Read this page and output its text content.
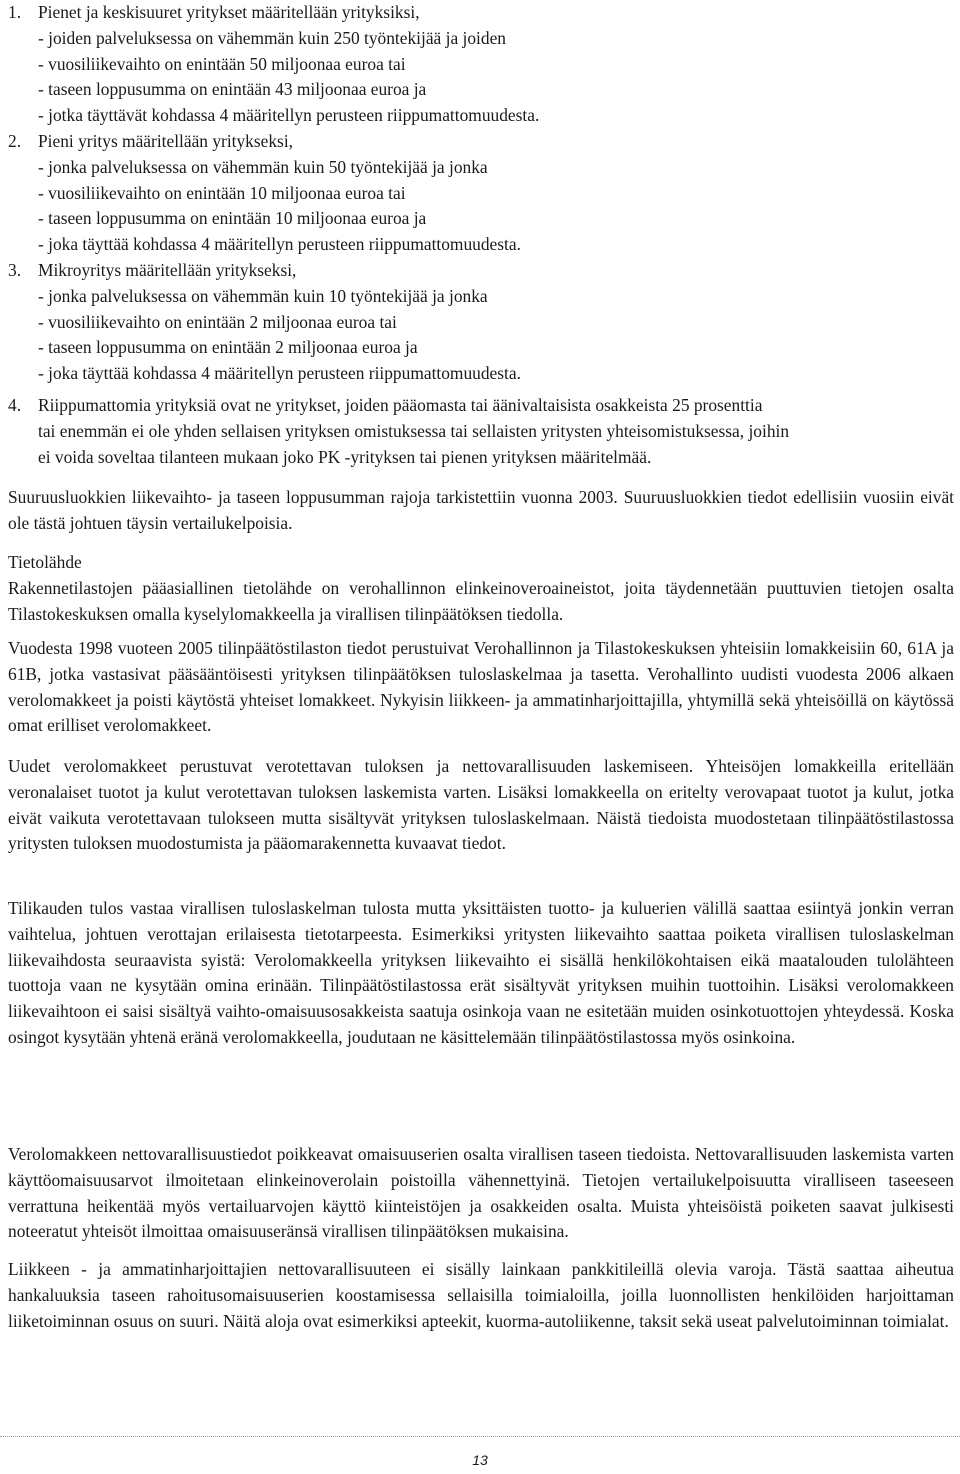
1. Pienet ja keskisuuret yritykset määritellään yrityksiksi,
- joiden palveluksessa on vähemmän kuin 250 työntekijää ja joiden
- vuosiliikevaihto on enintään 50 miljoonaa euroa tai
- taseen loppusumma on enintään 43 miljoonaa euroa ja
- jotka täyttävät kohdassa 4 määritellyn perusteen riippumattomuudesta.
2. Pieni yritys määritellään yritykseksi,
- jonka palveluksessa on vähemmän kuin 50 työntekijää ja jonka
- vuosiliikevaihto on enintään 10 miljoonaa euroa tai
- taseen loppusumma on enintään 10 miljoonaa euroa ja
- joka täyttää kohdassa 4 määritellyn perusteen riippumattomuudesta.
3. Mikroyritys määritellään yritykseksi,
- jonka palveluksessa on vähemmän kuin 10 työntekijää ja jonka
- vuosiliikevaihto on enintään 2 miljoonaa euroa tai
- taseen loppusumma on enintään 2 miljoonaa euroa ja
- joka täyttää kohdassa 4 määritellyn perusteen riippumattomuudesta.
4. Riippumattomia yrityksiä ovat ne yritykset, joiden pääomasta tai äänivaltaisista osakkeista 25 prosenttia
tai enemmän ei ole yhden sellaisen yrityksen omistuksessa tai sellaisten yritysten yhteisomistuksessa, joihin
ei voida soveltaa tilanteen mukaan joko PK -yrityksen tai pienen yrityksen määritelmää.

Suuruusluokkien liikevaihto- ja taseen loppusumman rajoja tarkistettiin vuonna 2003. Suuruusluokkien tiedot edellisiin vuosiin eivät ole tästä johtuen täysin vertailukelpoisia.

Tietolähde

Rakennetilastojen pääasiallinen tietolähde on verohallinnon elinkeinoveroaineistot, joita täydennetään puuttuvien tietojen osalta Tilastokeskuksen omalla kyselylomakkeella ja virallisen tilinpäätöksen tiedolla.

Vuodesta 1998 vuoteen 2005 tilinpäätöstilaston tiedot perustuivat Verohallinnon ja Tilastokeskuksen yhteisiin lomakkeisiin 60, 61A ja 61B, jotka vastasivat pääsääntöisesti yrityksen tilinpäätöksen tuloslaskelmaa ja tasetta. Verohallinto uudisti vuodesta 2006 alkaen verolomakkeet ja poisti käytöstä yhteiset lomakkeet. Nykyisin liikkeen- ja ammatinharjoittajilla, yhtymillä sekä yhteisöillä on käytössä omat erilliset verolomakkeet.

Uudet verolomakkeet perustuvat verotettavan tuloksen ja nettovarallisuuden laskemiseen. Yhteisöjen lomakkeilla eritellään veronalaiset tuotot ja kulut verotettavan tuloksen laskemista varten. Lisäksi lomakkeella on eritelty verovapaat tuotot ja kulut, jotka eivät vaikuta verotettavaan tulokseen mutta sisältyvät yrityksen tuloslaskelmaan. Näistä tiedoista muodostetaan tilinpäätöstilastossa yritysten tuloksen muodostumista ja pääomarakennetta kuvaavat tiedot.

Tilikauden tulos vastaa virallisen tuloslaskelman tulosta mutta yksittäisten tuotto- ja kuluerien välillä saattaa esiintyä jonkin verran vaihtelua, johtuen verottajan erilaisesta tietotarpeesta. Esimerkiksi yritysten liikevaihto saattaa poiketa virallisen tuloslaskelman liikevaihdosta seuraavista syistä: Verolomakkeella yrityksen liikevaihto ei sisällä henkilökohtaisen eikä maatalouden tulolähteen tuottoja vaan ne kysytään omina erinään. Tilinpäätöstilastossa erät sisältyvät yrityksen muihin tuottoihin. Lisäksi verolomakkeen liikevaihtoon ei saisi sisältyä vaihto-omaisuusosakkeista saatuja osinkoja vaan ne esitetään muiden osinkotuottojen yhteydessä. Koska osingot kysytään yhtenä eränä verolomakkeella, joudutaan ne käsittelemään tilinpäätöstilastossa myös osinkoina.

Verolomakkeen nettovarallisuustiedot poikkeavat omaisuuserien osalta virallisen taseen tiedoista. Nettovarallisuuden laskemista varten käyttöomaisuusarvot ilmoitetaan elinkeinoverolain poistoilla vähennettyinä. Tietojen vertailukelpoisuutta viralliseen taseeseen verrattuna heikentää myös vertailuarvojen käyttö kiinteistöjen ja osakkeiden osalta. Muista yhteisöistä poiketen saavat julkisesti noteeratut yhteisöt ilmoittaa omaisuuseränsä virallisen tilinpäätöksen mukaisina.

Liikkeen - ja ammatinharjoittajien nettovarallisuuteen ei sisälly lainkaan pankkitileillä olevia varoja. Tästä saattaa aiheutua hankaluuksia taseen rahoitusomaisuuserien koostamisessa sellaisilla toimialoilla, joilla luonnollisten henkilöiden harjoittaman liiketoiminnan osuus on suuri. Näitä aloja ovat esimerkiksi apteekit, kuorma-autoliikenne, taksit sekä useat palvelutoiminnan toimialat.

13
